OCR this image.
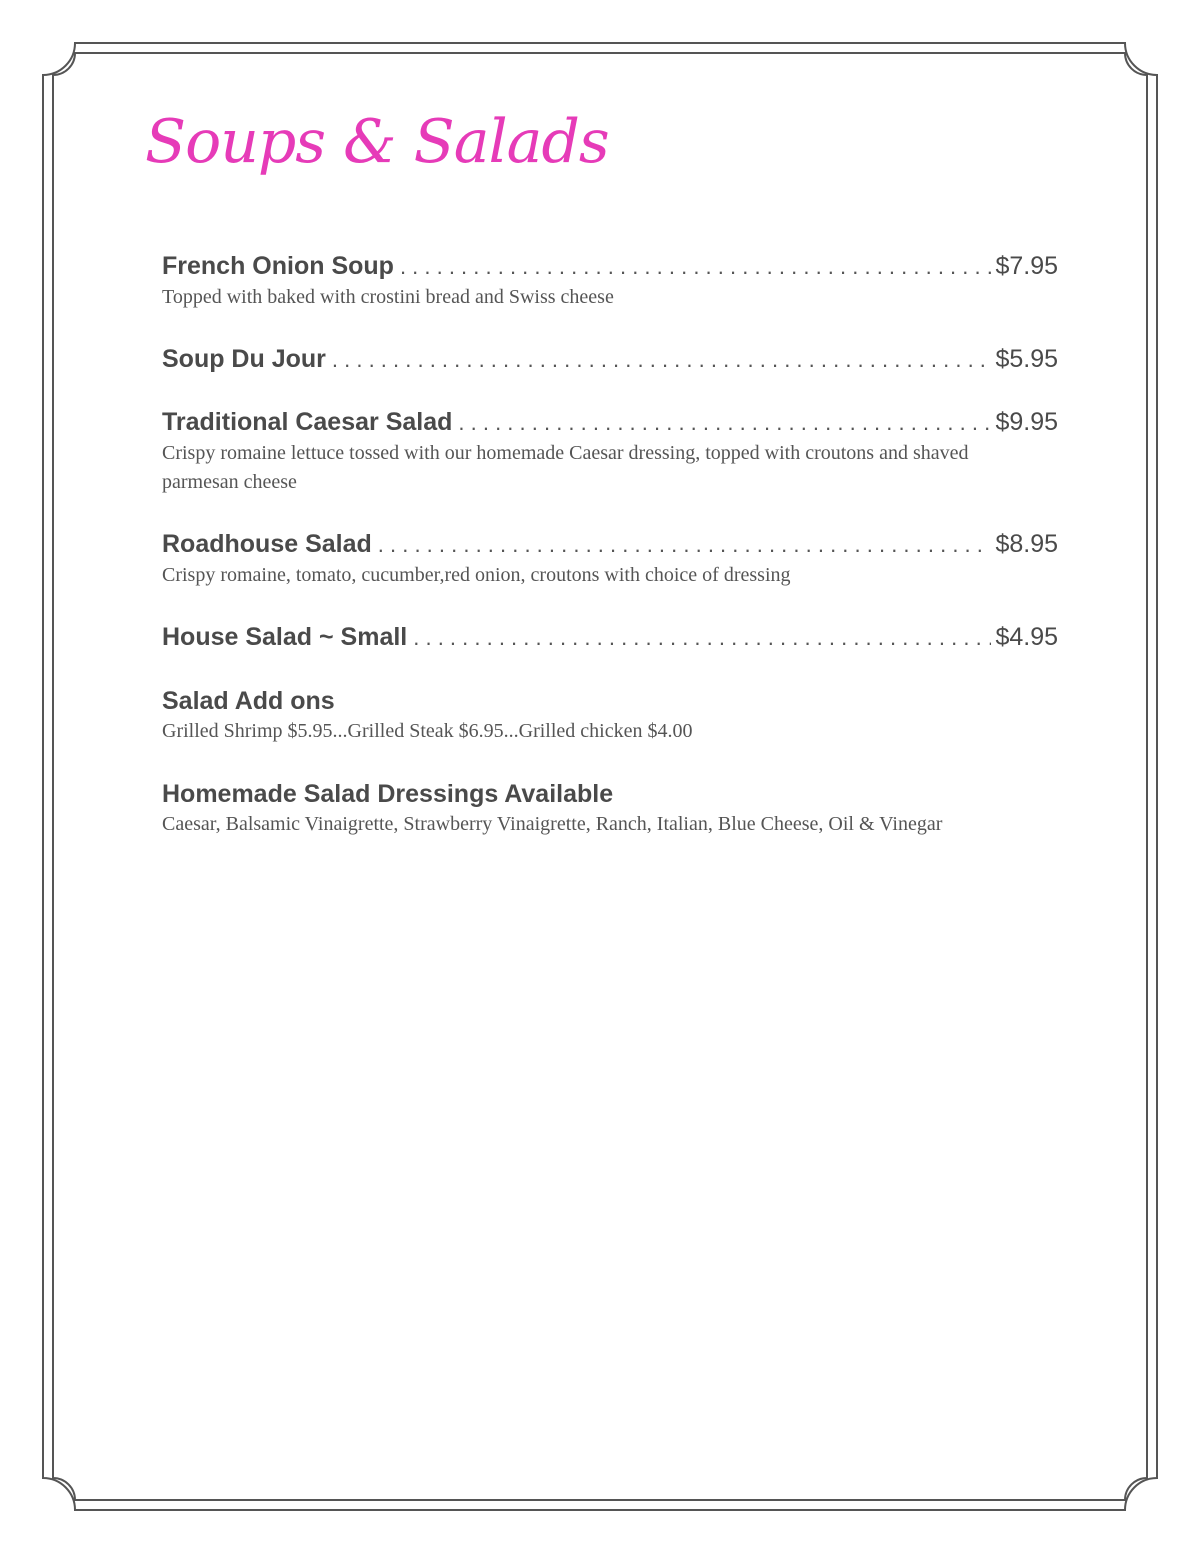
Soups & Salads
French Onion Soup . . .	$7.95
Topped with baked with crostini bread and Swiss cheese
Soup Du Jour . . .	$5.95
Traditional Caesar Salad . . .	$9.95
Crispy romaine lettuce tossed with our homemade Caesar dressing, topped with croutons and shaved parmesan cheese
Roadhouse Salad . . .	$8.95
Crispy romaine, tomato, cucumber,red onion, croutons with choice of dressing
House Salad ~ Small . . .	$4.95
Salad Add ons
Grilled Shrimp $5.95...Grilled Steak $6.95...Grilled chicken $4.00
Homemade Salad Dressings Available
Caesar, Balsamic Vinaigrette, Strawberry Vinaigrette, Ranch, Italian, Blue Cheese, Oil & Vinegar
